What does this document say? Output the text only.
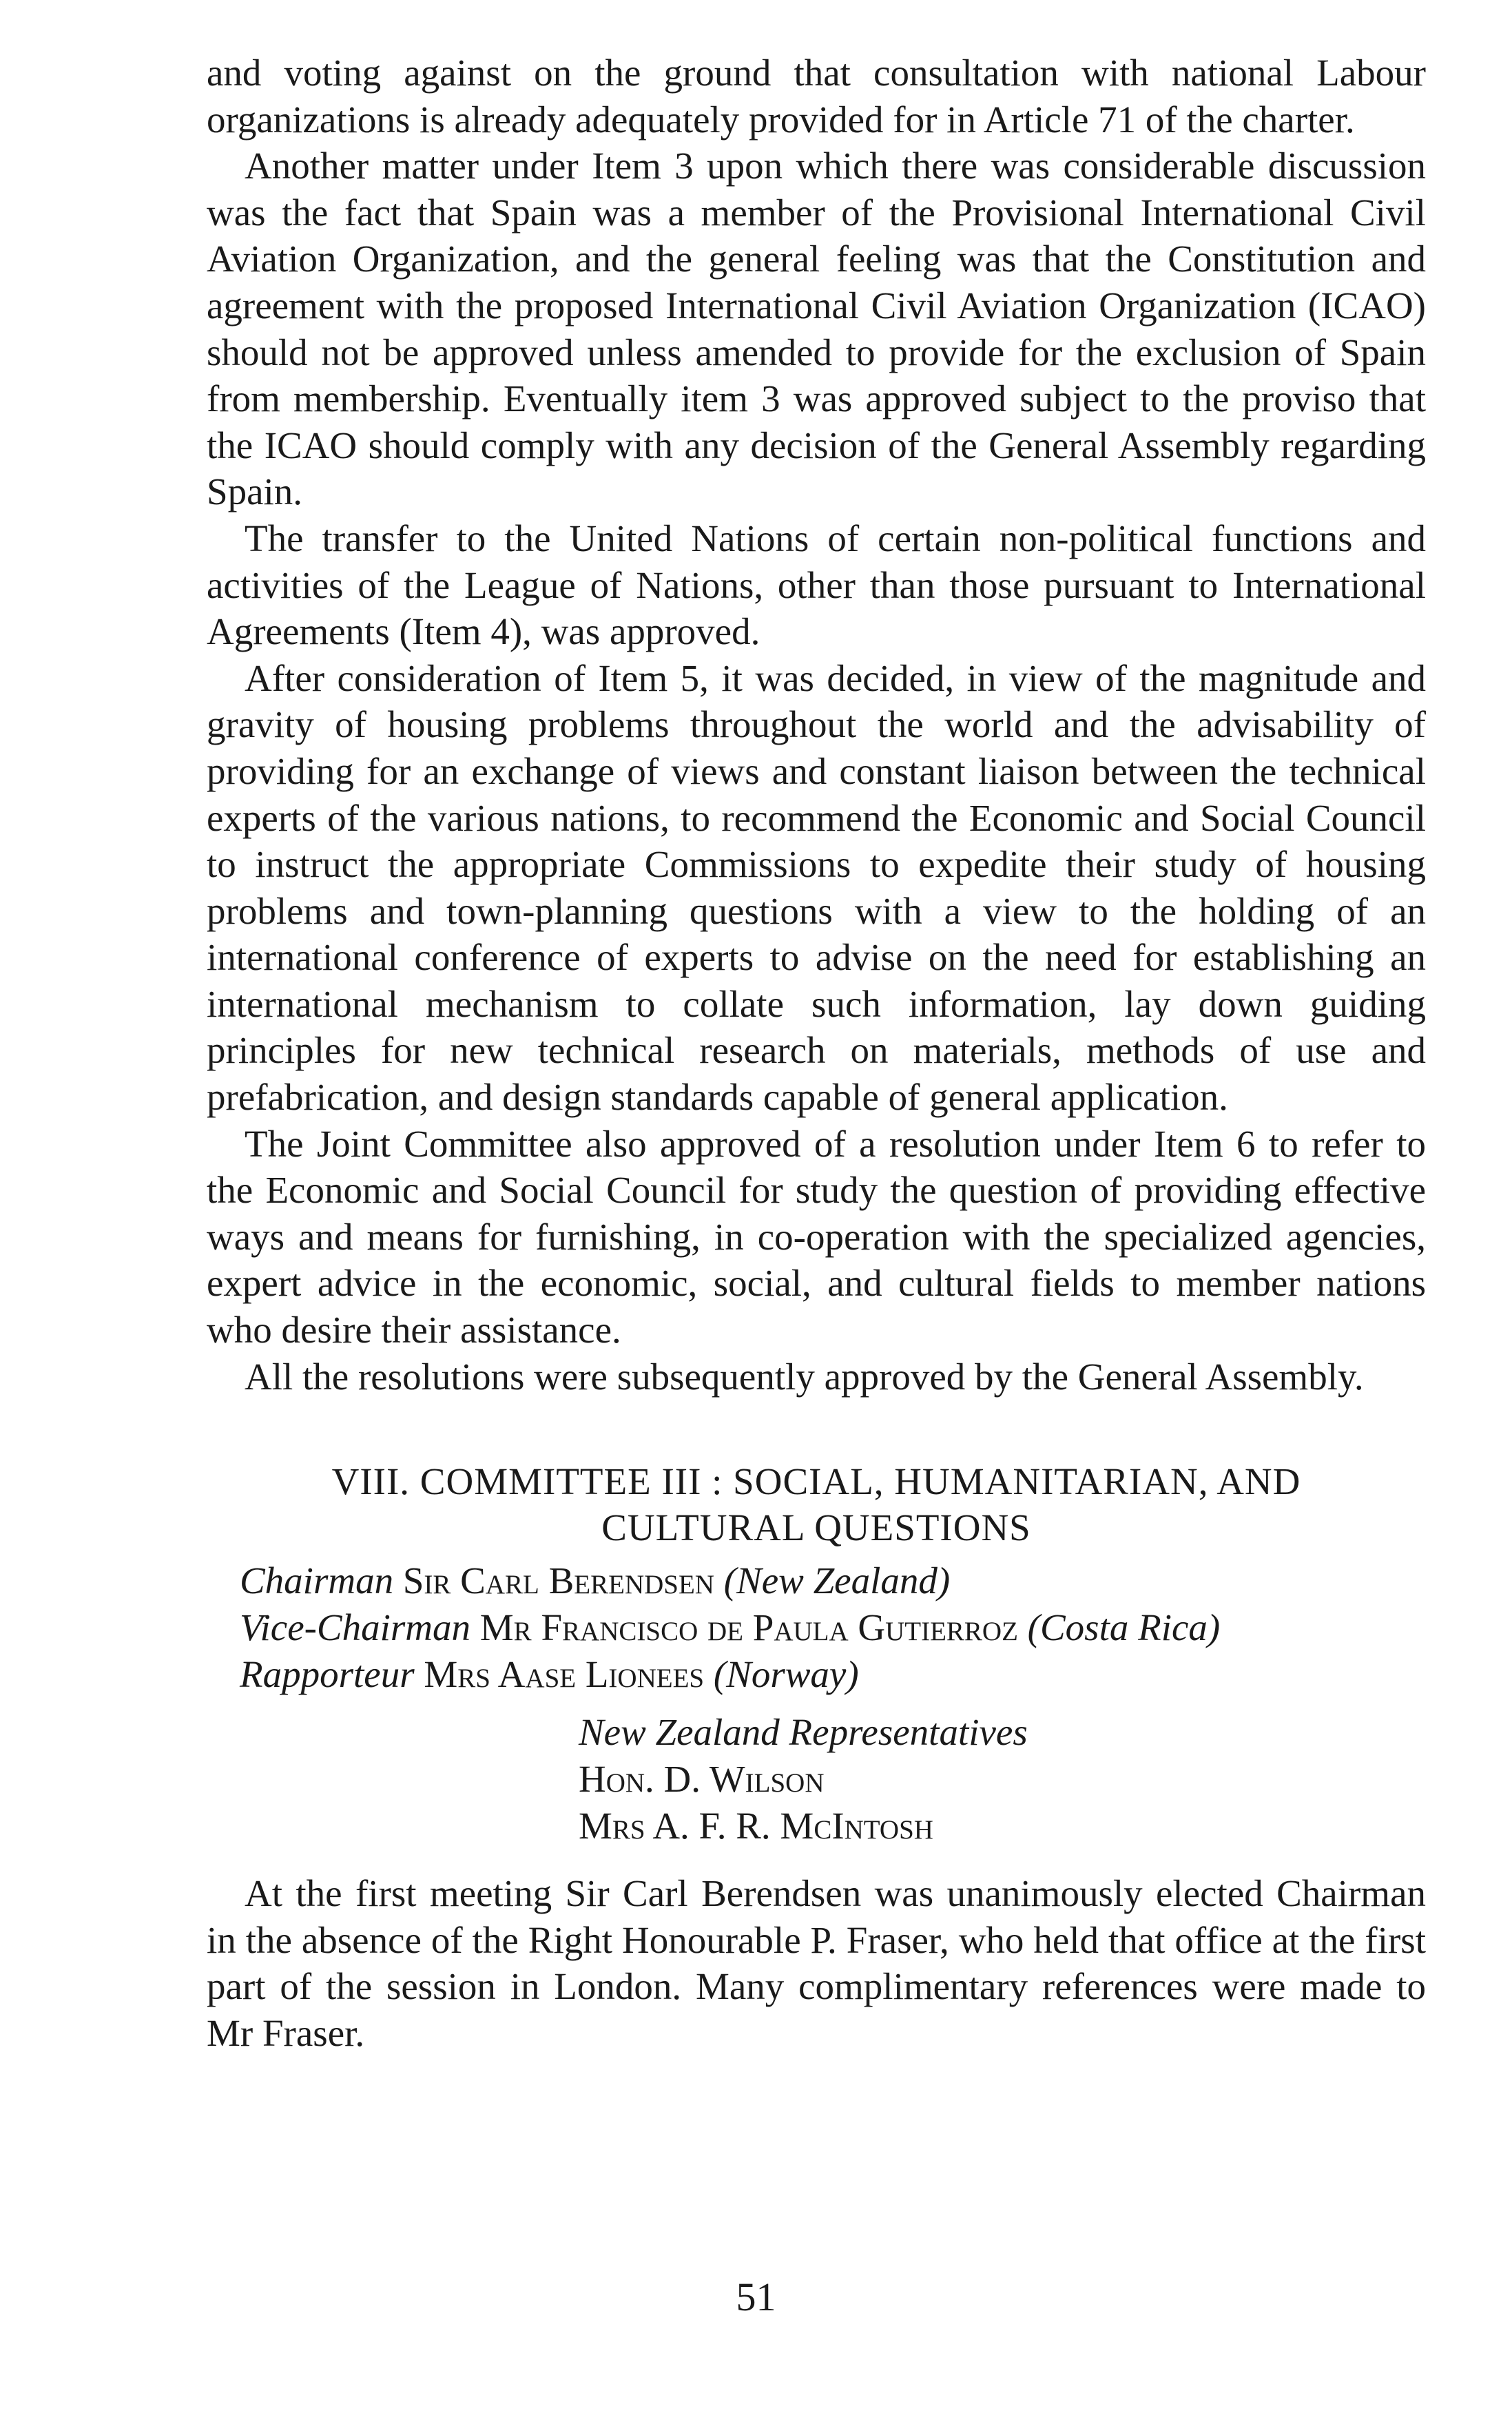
and voting against on the ground that consultation with national Labour organizations is already adequately provided for in Article 71 of the charter.

Another matter under Item 3 upon which there was considerable discussion was the fact that Spain was a member of the Provisional International Civil Aviation Organization, and the general feeling was that the Constitution and agreement with the proposed International Civil Aviation Organization (ICAO) should not be approved unless amended to provide for the exclusion of Spain from membership. Eventually item 3 was approved subject to the proviso that the ICAO should comply with any decision of the General Assembly regarding Spain.

The transfer to the United Nations of certain non-political functions and activities of the League of Nations, other than those pursuant to International Agreements (Item 4), was approved.

After consideration of Item 5, it was decided, in view of the magnitude and gravity of housing problems throughout the world and the advisability of providing for an exchange of views and constant liaison between the technical experts of the various nations, to recommend the Economic and Social Council to instruct the appropriate Commissions to expedite their study of housing problems and town-planning questions with a view to the holding of an international conference of experts to advise on the need for establishing an international mechanism to collate such information, lay down guiding principles for new technical research on materials, methods of use and prefabrication, and design standards capable of general application.

The Joint Committee also approved of a resolution under Item 6 to refer to the Economic and Social Council for study the question of providing effective ways and means for furnishing, in co-operation with the specialized agencies, expert advice in the economic, social, and cultural fields to member nations who desire their assistance.

All the resolutions were subsequently approved by the General Assembly.

VIII. COMMITTEE III : SOCIAL, HUMANITARIAN, AND
CULTURAL QUESTIONS
Chairman Sir Carl Berendsen (New Zealand)
Vice-Chairman Mr Francisco de Paula Gutierroz (Costa Rica)
Rapporteur Mrs Aase Lionees (Norway)
New Zealand Representatives
Hon. D. Wilson
Mrs A. F. R. McIntosh

At the first meeting Sir Carl Berendsen was unanimously elected Chairman in the absence of the Right Honourable P. Fraser, who held that office at the first part of the session in London. Many complimentary references were made to Mr Fraser.

51
